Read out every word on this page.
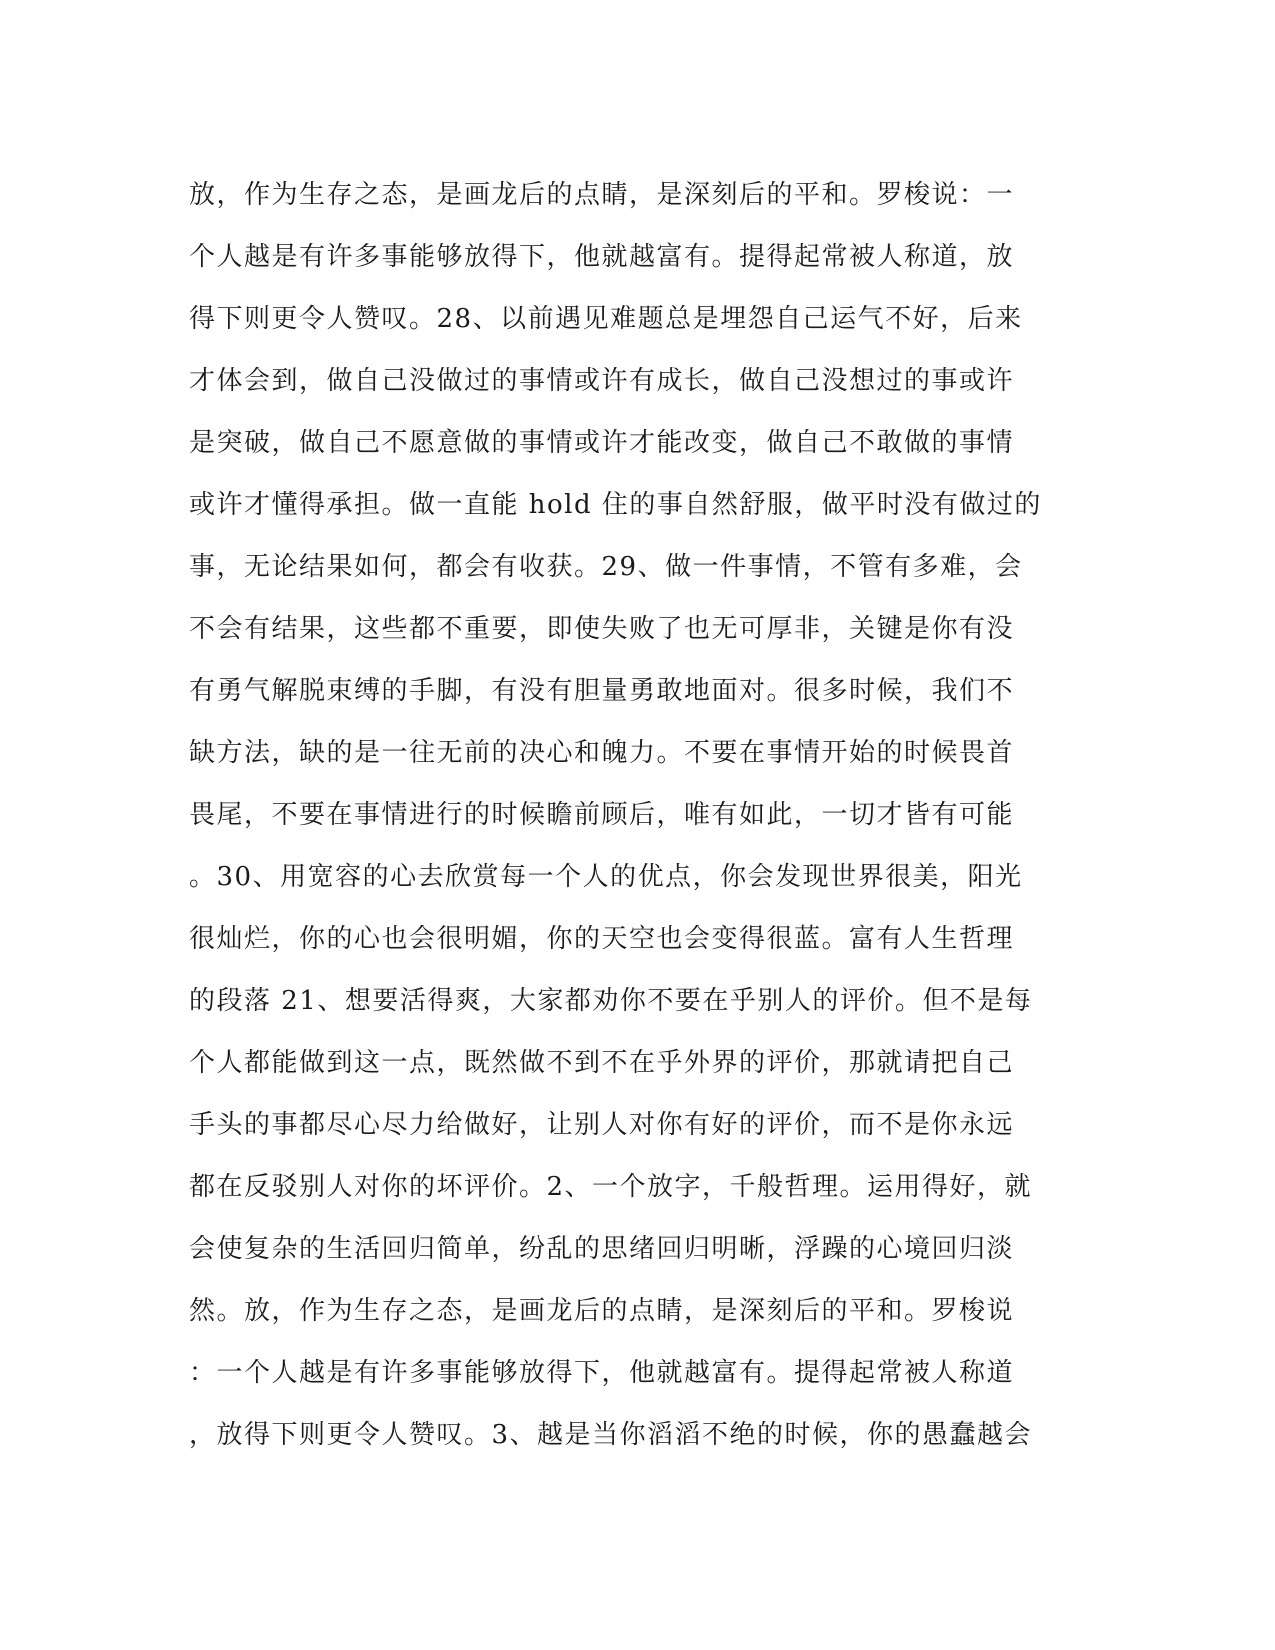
放，作为生存之态，是画龙后的点睛，是深刻后的平和。罗梭说：一
个人越是有许多事能够放得下，他就越富有。提得起常被人称道，放
得下则更令人赞叹。28、以前遇见难题总是埋怨自己运气不好，后来
才体会到，做自己没做过的事情或许有成长，做自己没想过的事或许
是突破，做自己不愿意做的事情或许才能改变，做自己不敢做的事情
或许才懂得承担。做一直能 hold 住的事自然舒服，做平时没有做过的
事，无论结果如何，都会有收获。29、做一件事情，不管有多难，会
不会有结果，这些都不重要，即使失败了也无可厚非，关键是你有没
有勇气解脱束缚的手脚，有没有胆量勇敢地面对。很多时候，我们不
缺方法，缺的是一往无前的决心和魄力。不要在事情开始的时候畏首
畏尾，不要在事情进行的时候瞻前顾后，唯有如此，一切才皆有可能
。30、用宽容的心去欣赏每一个人的优点，你会发现世界很美，阳光
很灿烂，你的心也会很明媚，你的天空也会变得很蓝。富有人生哲理
的段落 21、想要活得爽，大家都劝你不要在乎别人的评价。但不是每
个人都能做到这一点，既然做不到不在乎外界的评价，那就请把自己
手头的事都尽心尽力给做好，让别人对你有好的评价，而不是你永远
都在反驳别人对你的坏评价。2、一个放字，千般哲理。运用得好，就
会使复杂的生活回归简单，纷乱的思绪回归明晰，浮躁的心境回归淡
然。放，作为生存之态，是画龙后的点睛，是深刻后的平和。罗梭说
：一个人越是有许多事能够放得下，他就越富有。提得起常被人称道
，放得下则更令人赞叹。3、越是当你滔滔不绝的时候，你的愚蠢越会
